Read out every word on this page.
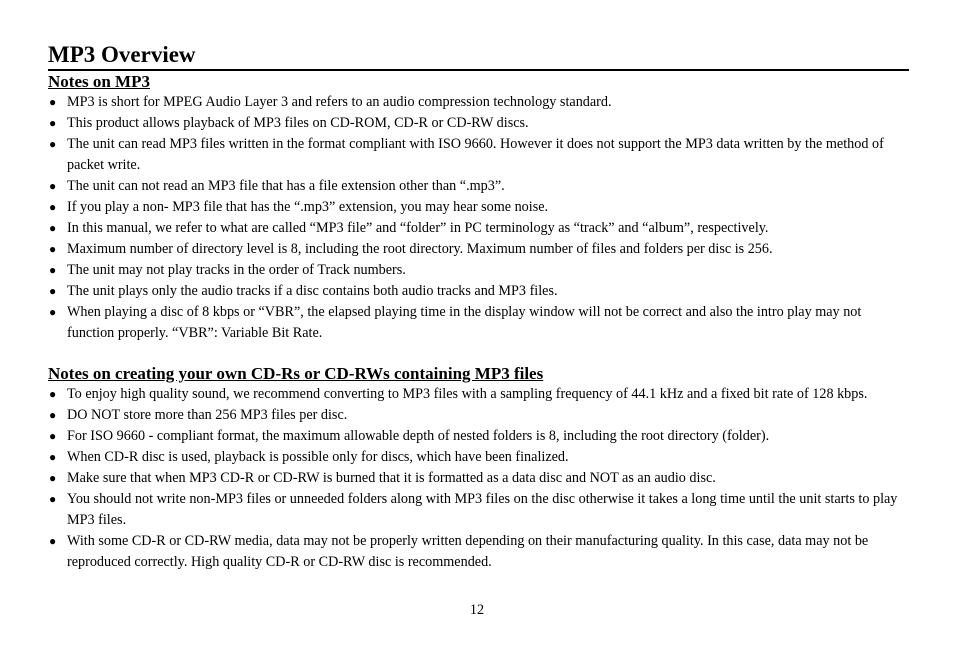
MP3 Overview
Notes on MP3
● MP3 is short for MPEG Audio Layer 3 and refers to an audio compression technology standard.
● This product allows playback of MP3 files on CD-ROM, CD-R or CD-RW discs.
● The unit can read MP3 files written in the format compliant with ISO 9660. However it does not support the MP3 data written by the method of packet write.
● The unit can not read an MP3 file that has a file extension other than “.mp3”.
● If you play a non- MP3 file that has the “.mp3” extension, you may hear some noise.
● In this manual, we refer to what are called “MP3 file” and “folder” in PC terminology as “track” and “album”, respectively.
● Maximum number of directory level is 8, including the root directory. Maximum number of files and folders per disc is 256.
● The unit may not play tracks in the order of Track numbers.
● The unit plays only the audio tracks if a disc contains both audio tracks and MP3 files.
● When playing a disc of 8 kbps or “VBR”, the elapsed playing time in the display window will not be correct and also the intro play may not function properly. “VBR”: Variable Bit Rate.
Notes on creating your own CD-Rs or CD-RWs containing MP3 files
● To enjoy high quality sound, we recommend converting to MP3 files with a sampling frequency of 44.1 kHz and a fixed bit rate of 128 kbps.
● DO NOT store more than 256 MP3 files per disc.
● For ISO 9660 - compliant format, the maximum allowable depth of nested folders is 8, including the root directory (folder).
● When CD-R disc is used, playback is possible only for discs, which have been finalized.
● Make sure that when MP3 CD-R or CD-RW is burned that it is formatted as a data disc and NOT as an audio disc.
● You should not write non-MP3 files or unneeded folders along with MP3 files on the disc otherwise it takes a long time until the unit starts to play MP3 files.
● With some CD-R or CD-RW media, data may not be properly written depending on their manufacturing quality. In this case, data may not be reproduced correctly. High quality CD-R or CD-RW disc is recommended.
12
